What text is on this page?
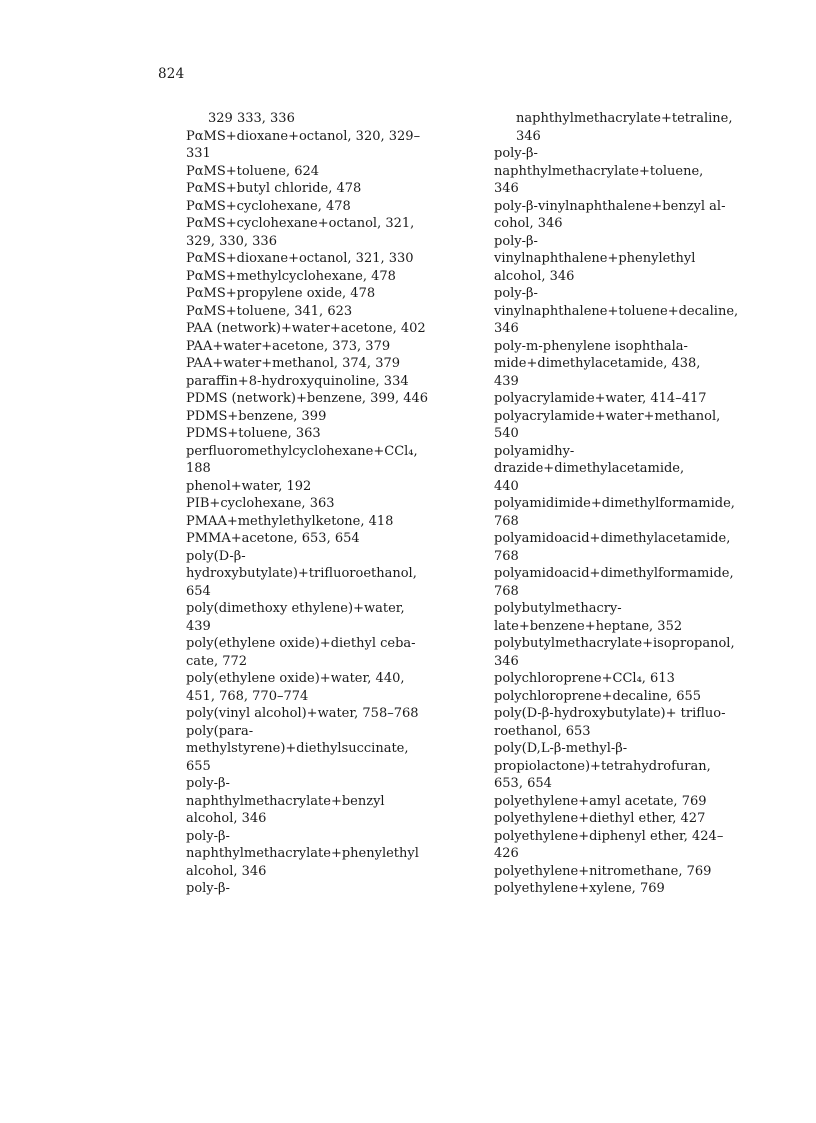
824
329 333, 336
PαMS+dioxane+octanol, 320, 329–
331
PαMS+toluene, 624
PαMS+butyl chloride, 478
PαMS+cyclohexane, 478
PαMS+cyclohexane+octanol, 321,
329, 330, 336
PαMS+dioxane+octanol, 321, 330
PαMS+methylcyclohexane, 478
PαMS+propylene oxide, 478
PαMS+toluene, 341, 623
PAA (network)+water+acetone, 402
PAA+water+acetone, 373, 379
PAA+water+methanol, 374, 379
paraffin+8-hydroxyquinoline, 334
PDMS (network)+benzene, 399, 446
PDMS+benzene, 399
PDMS+toluene, 363
perfluoromethylcyclohexane+CCl₄,
188
phenol+water, 192
PIB+cyclohexane, 363
PMAA+methylethylketone, 418
PMMA+acetone, 653, 654
poly(D-β-
hydroxybutylate)+trifluoroethanol,
654
poly(dimethoxy ethylene)+water,
439
poly(ethylene oxide)+diethyl ceba-
cate, 772
poly(ethylene oxide)+water, 440,
451, 768, 770–774
poly(vinyl alcohol)+water, 758–768
poly(para-
methylstyrene)+diethylsuccinate,
655
poly-β-
naphthylmethacrylate+benzyl
alcohol, 346
poly-β-
naphthylmethacrylate+phenylethyl
alcohol, 346
poly-β-
naphthylmethacrylate+tetraline,
346
poly-β-
naphthylmethacrylate+toluene,
346
poly-β-vinylnaphthalene+benzyl al-
cohol, 346
poly-β-
vinylnaphthalene+phenylethyl
alcohol, 346
poly-β-
vinylnaphthalene+toluene+decaline,
346
poly-m-phenylene isophthala-
mide+dimethylacetamide, 438,
439
polyacrylamide+water, 414–417
polyacrylamide+water+methanol,
540
polyamidhy-
drazide+dimethylacetamide,
440
polyamidimide+dimethylformamide,
768
polyamidoacid+dimethylacetamide,
768
polyamidoacid+dimethylformamide,
768
polybutylmethacry-
late+benzene+heptane, 352
polybutylmethacrylate+isopropanol,
346
polychloroprene+CCl₄, 613
polychloroprene+decaline, 655
poly(D-β-hydroxybutylate)+ trifluo-
roethanol, 653
poly(D,L-β-methyl-β-
propiolactone)+tetrahydrofuran,
653, 654
polyethylene+amyl acetate, 769
polyethylene+diethyl ether, 427
polyethylene+diphenyl ether, 424–
426
polyethylene+nitromethane, 769
polyethylene+xylene, 769
